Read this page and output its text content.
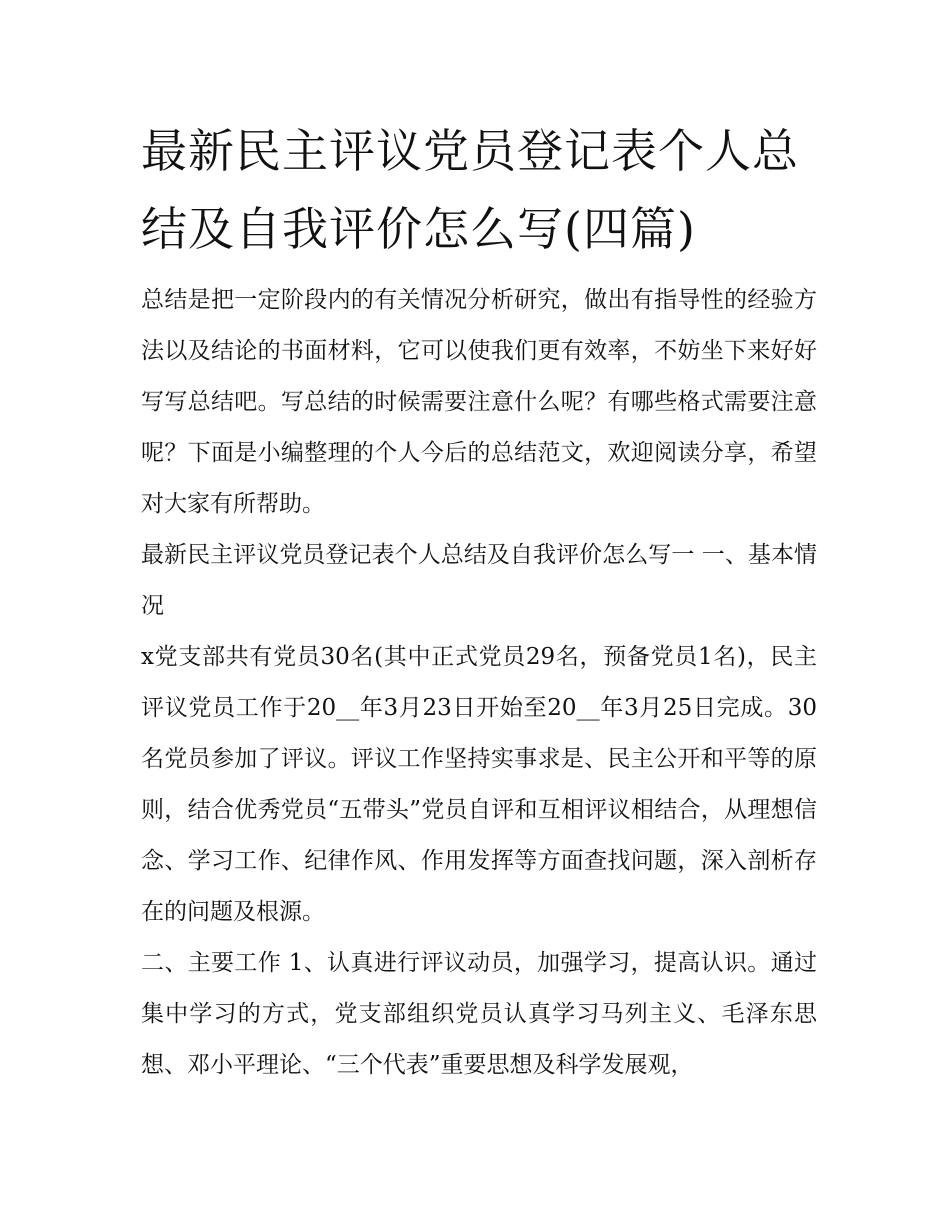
最新民主评议党员登记表个人总结及自我评价怎么写(四篇)

总结是把一定阶段内的有关情况分析研究，做出有指导性的经验方法以及结论的书面材料，它可以使我们更有效率，不妨坐下来好好写写总结吧。写总结的时候需要注意什么呢？有哪些格式需要注意呢？下面是小编整理的个人今后的总结范文，欢迎阅读分享，希望对大家有所帮助。

最新民主评议党员登记表个人总结及自我评价怎么写一 一、基本情况

x党支部共有党员30名(其中正式党员29名，预备党员1名)，民主评议党员工作于20__年3月23日开始至20__年3月25日完成。30名党员参加了评议。评议工作坚持实事求是、民主公开和平等的原则，结合优秀党员“五带头”党员自评和互相评议相结合，从理想信念、学习工作、纪律作风、作用发挥等方面查找问题，深入剖析存在的问题及根源。

二、主要工作 1、认真进行评议动员，加强学习，提高认识。通过集中学习的方式，党支部组织党员认真学习马列主义、毛泽东思想、邓小平理论、“三个代表”重要思想及科学发展观，
